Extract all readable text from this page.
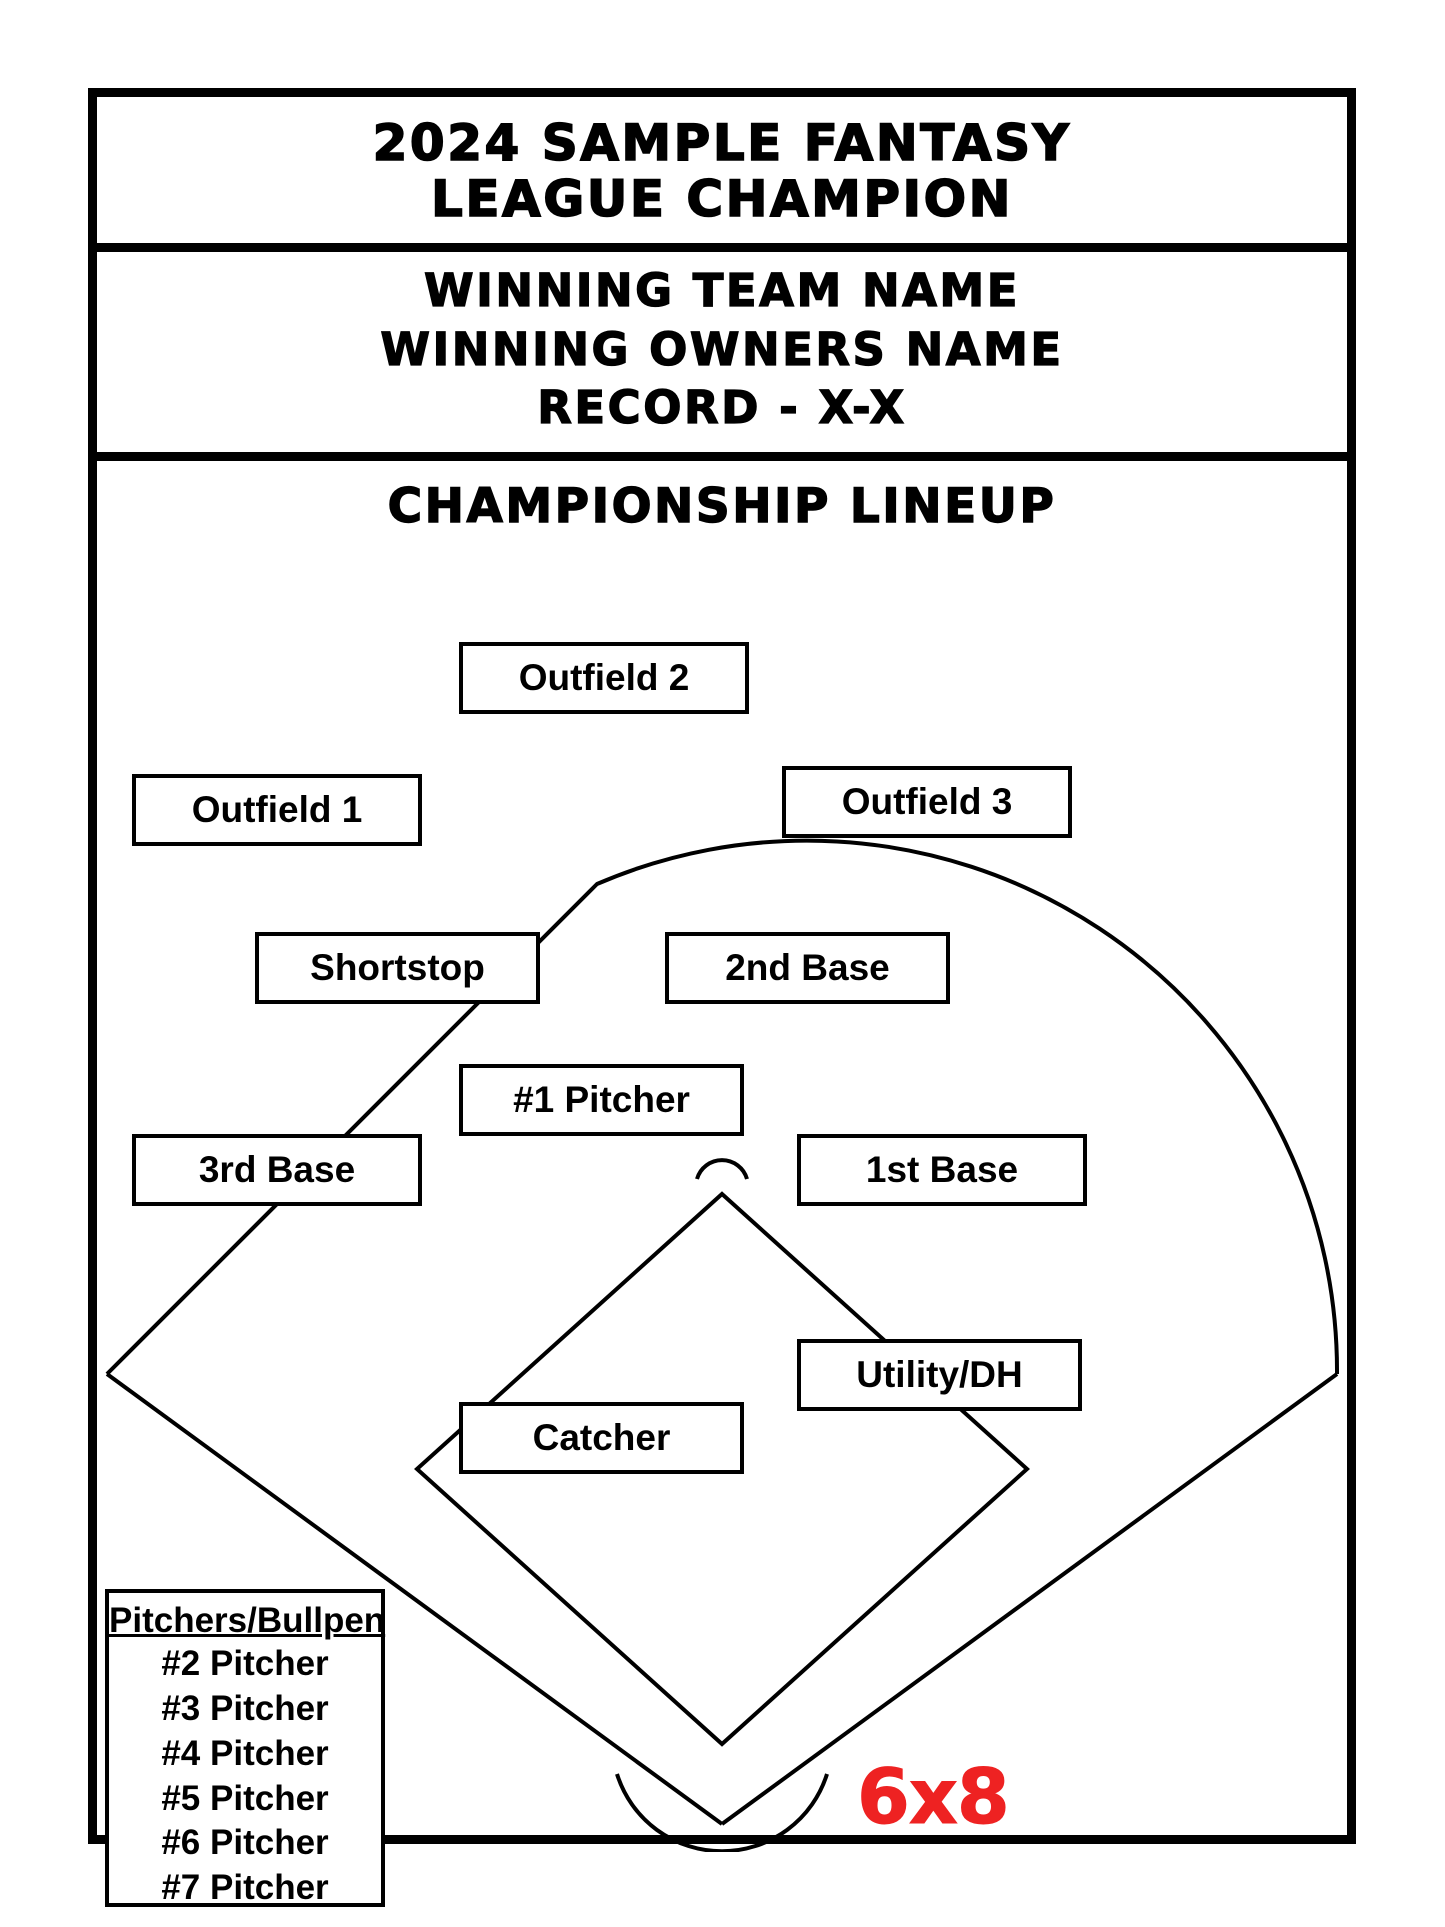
2024 SAMPLE FANTASY
LEAGUE CHAMPION
WINNING TEAM NAME
WINNING OWNERS NAME
RECORD - X-X
CHAMPIONSHIP LINEUP
Outfield 2
Outfield 1	Outfield 3
Shortstop	2nd Base
#1 Pitcher
3rd Base	1st Base
Utility/DH
Catcher
Pitchers/Bullpen
#2 Pitcher
#3 Pitcher
#4 Pitcher
#5 Pitcher
#6 Pitcher
#7 Pitcher
6x8
